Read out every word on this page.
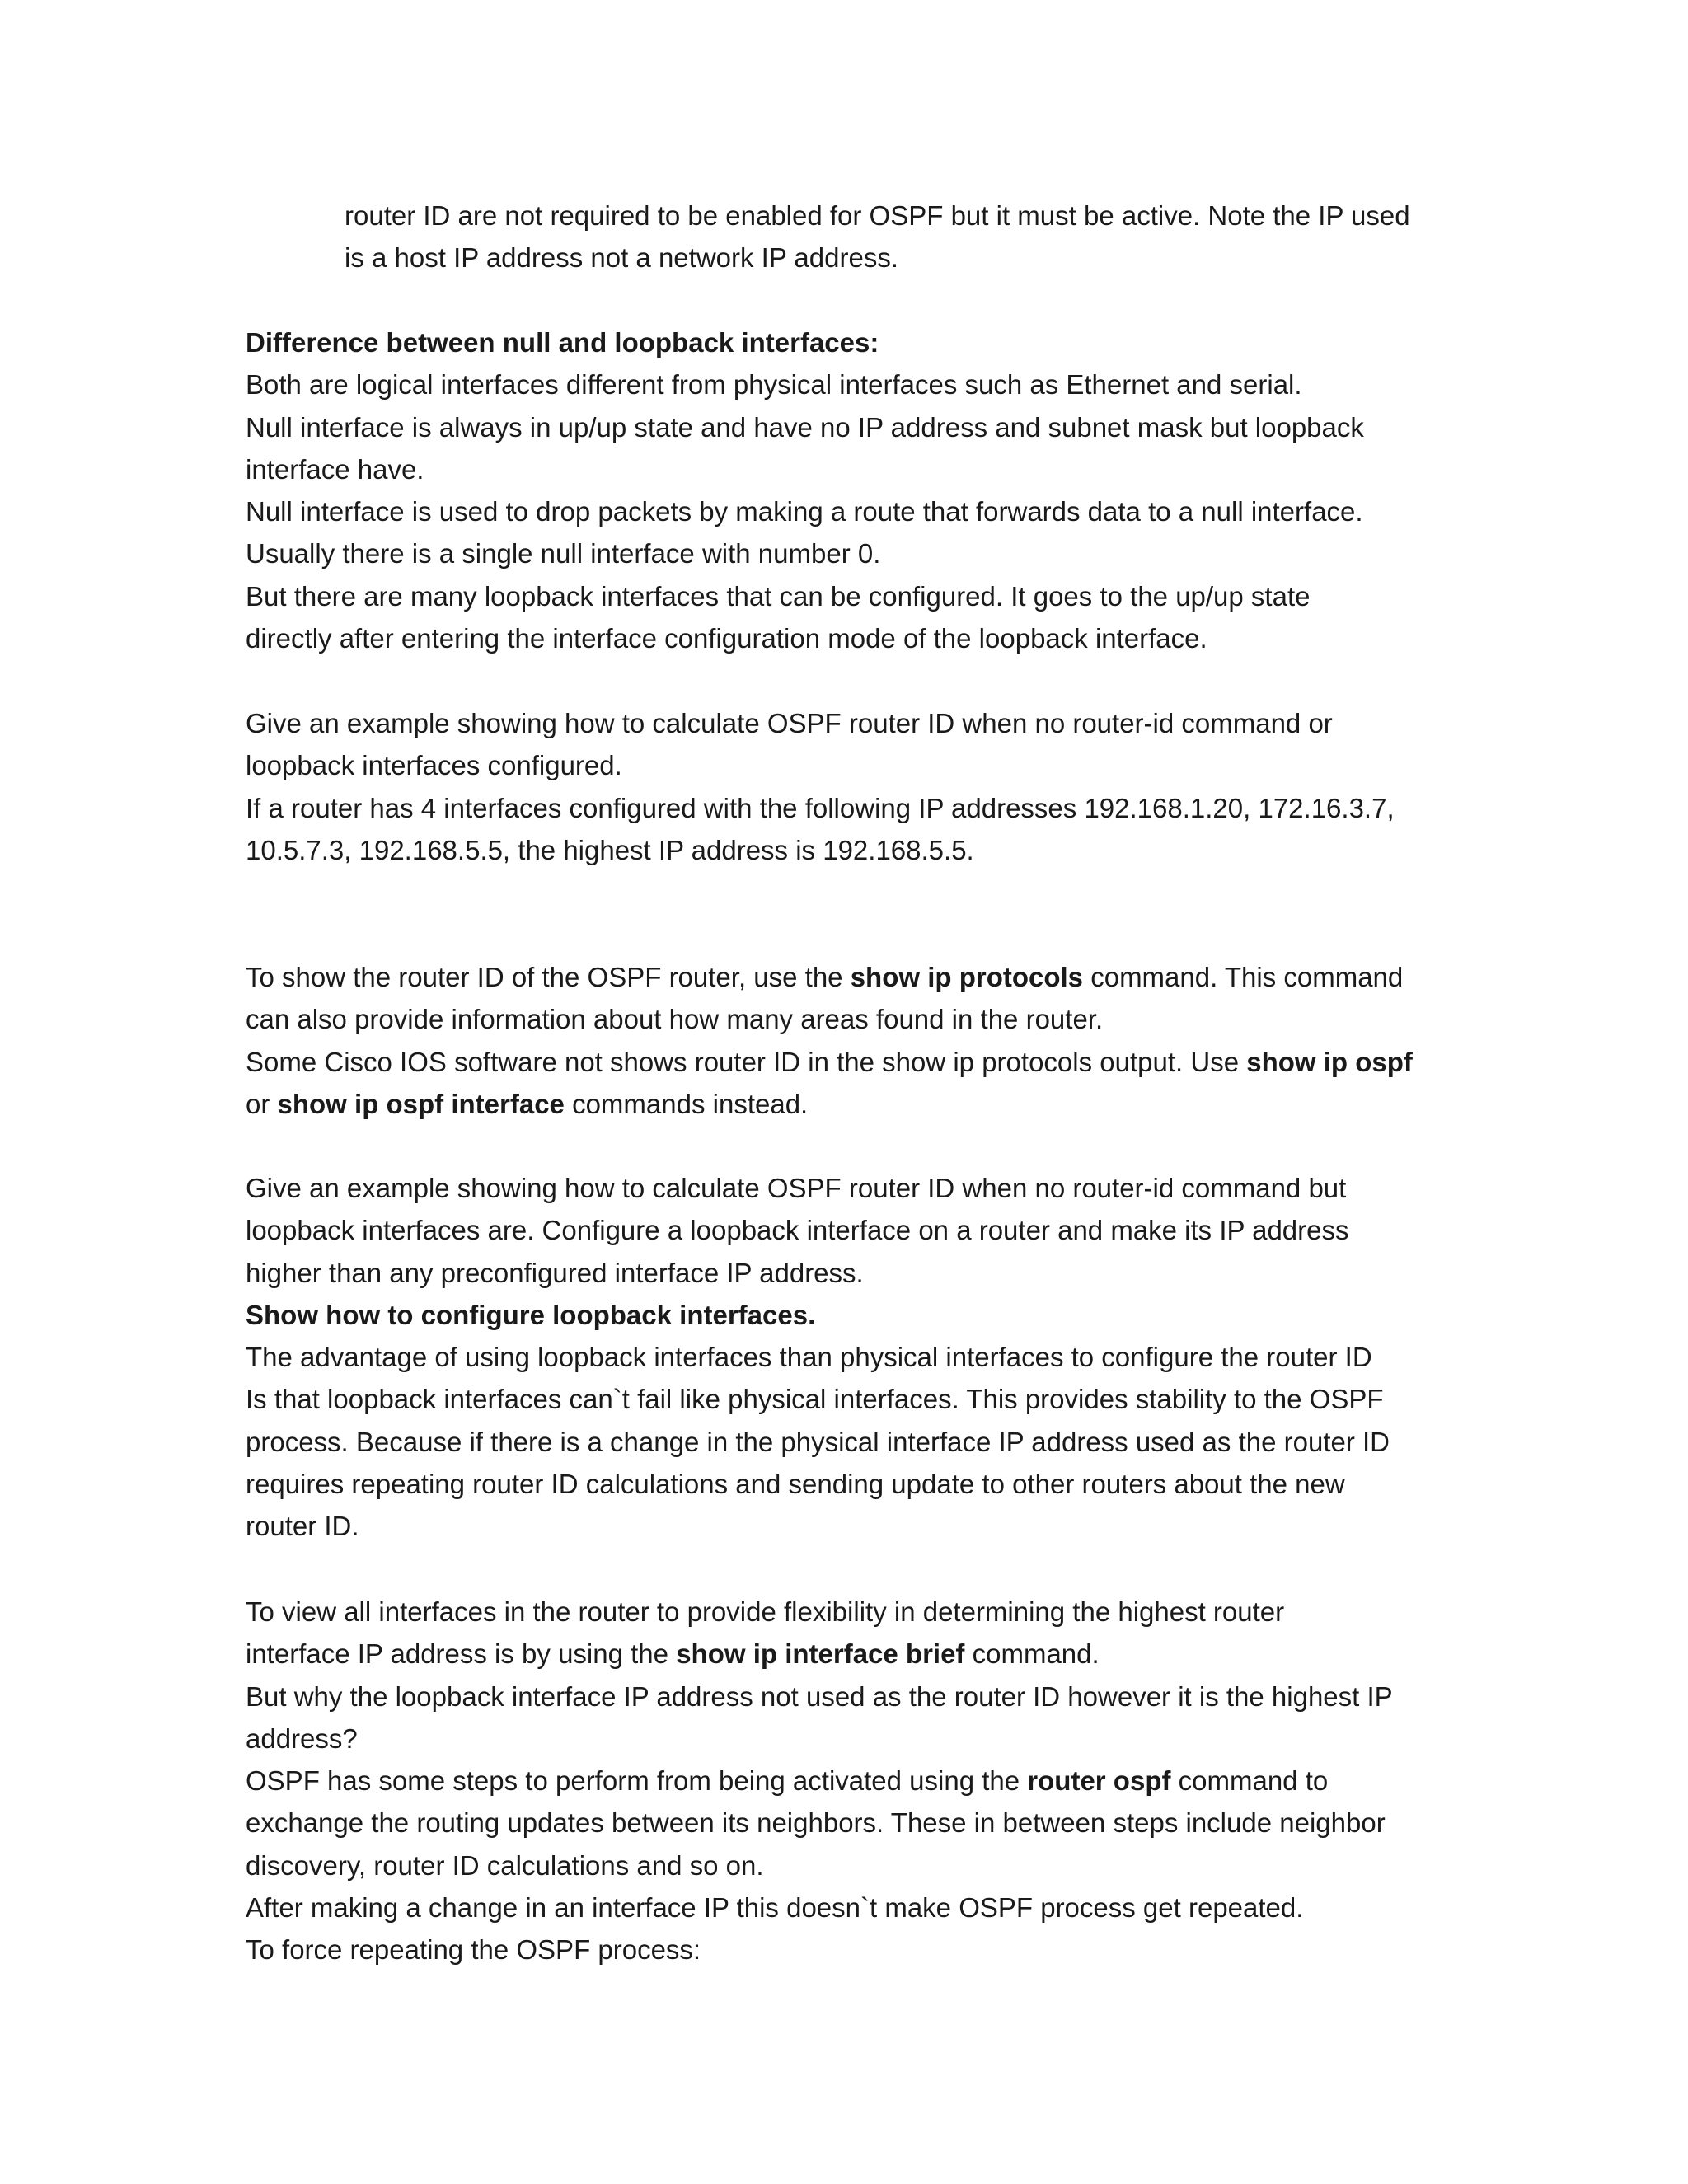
router ID are not required to be enabled for OSPF but it must be active. Note the IP used
is a host IP address not a network IP address.
Difference between null and loopback interfaces:
Both are logical interfaces different from physical interfaces such as Ethernet and serial.
Null interface is always in up/up state and have no IP address and subnet mask but loopback
interface have.
Null interface is used to drop packets by making a route that forwards data to a null interface.
Usually there is a single null interface with number 0.
But there are many loopback interfaces that can be configured. It goes to the up/up state
directly after entering the interface configuration mode of the loopback interface.
Give an example showing how to calculate OSPF router ID when no router-id command or
loopback interfaces configured.
If a router has 4 interfaces configured with the following IP addresses 192.168.1.20, 172.16.3.7,
10.5.7.3, 192.168.5.5, the highest IP address is 192.168.5.5.
To show the router ID of the OSPF router, use the show ip protocols command. This command
can also provide information about how many areas found in the router.
Some Cisco IOS software not shows router ID in the show ip protocols output. Use show ip ospf
or show ip ospf interface commands instead.
Give an example showing how to calculate OSPF router ID when no router-id command but
loopback interfaces are. Configure a loopback interface on a router and make its IP address
higher than any preconfigured interface IP address.
Show how to configure loopback interfaces.
The advantage of using loopback interfaces than physical interfaces to configure the router ID
Is that loopback interfaces can`t fail like physical interfaces. This provides stability to the OSPF
process. Because if there is a change in the physical interface IP address used as the router ID
requires repeating router ID calculations and sending update to other routers about the new
router ID.
To view all interfaces in the router to provide flexibility in determining the highest router
interface IP address is by using the show ip interface brief command.
But why the loopback interface IP address not used as the router ID however it is the highest IP
address?
OSPF has some steps to perform from being activated using the router ospf command to
exchange the routing updates between its neighbors. These in between steps include neighbor
discovery, router ID calculations and so on.
After making a change in an interface IP this doesn`t make OSPF process get repeated.
To force repeating the OSPF process:
